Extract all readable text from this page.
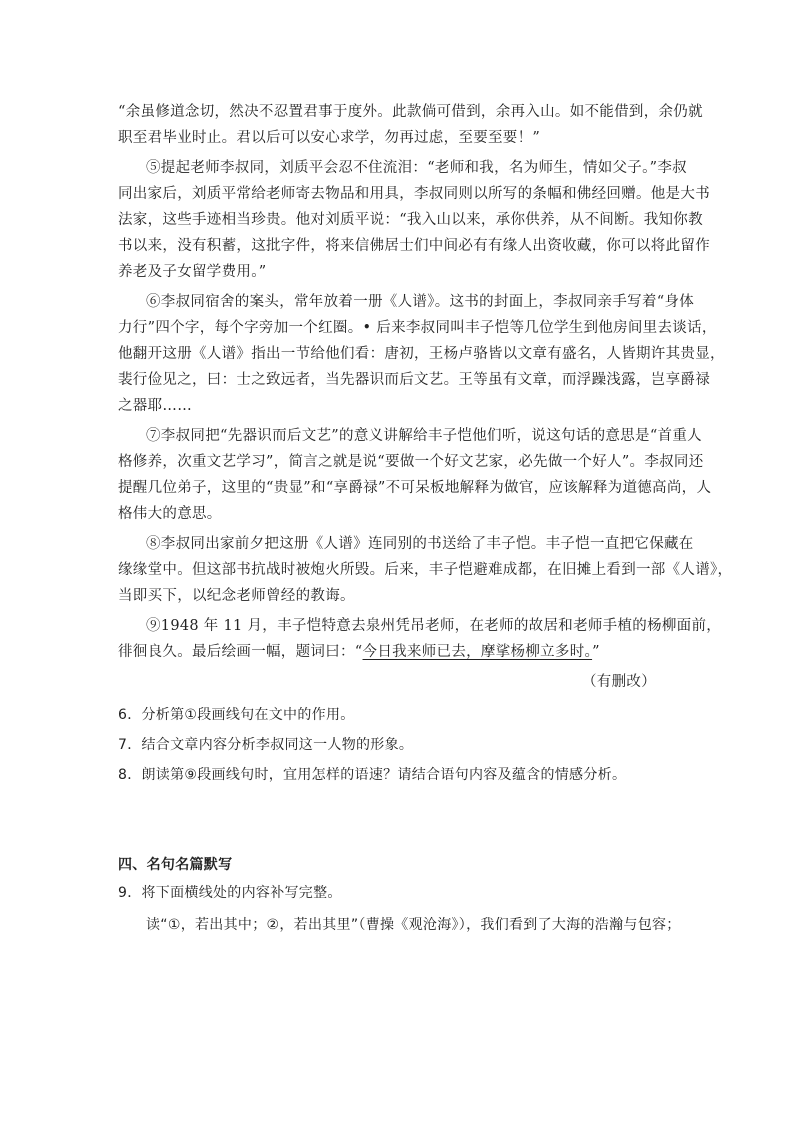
“余虽修道念切，然决不忍置君事于度外。此款倘可借到，余再入山。如不能借到，余仍就
职至君毕业时止。君以后可以安心求学，勿再过虑，至要至要！”
⑤提起老师李叔同，刘质平会忍不住流泪：“老师和我，名为师生，情如父子。”李叔
同出家后，刘质平常给老师寄去物品和用具，李叔同则以所写的条幅和佛经回赠。他是大书
法家，这些手迹相当珍贵。他对刘质平说：“我入山以来，承你供养，从不间断。我知你教
书以来，没有积蓄，这批字件，将来信佛居士们中间必有有缘人出资收藏，你可以将此留作
养老及子女留学费用。”
⑥李叔同宿舍的案头，常年放着一册《人谱》。这书的封面上，李叔同亲手写着“身体
力行”四个字，每个字旁加一个红圈。• 后来李叔同叫丰子恺等几位学生到他房间里去谈话，
他翻开这册《人谱》指出一节给他们看：唐初，王杨卢骆皆以文章有盛名，人皆期许其贵显，
裴行俭见之，曰：士之致远者，当先器识而后文艺。王等虽有文章，而浮躁浅露，岂享爵禄
之器耶……
⑦李叔同把“先器识而后文艺”的意义讲解给丰子恺他们听，说这句话的意思是“首重人
格修养，次重文艺学习”，简言之就是说“要做一个好文艺家，必先做一个好人”。李叔同还
提醒几位弟子，这里的“贵显”和“享爵禄”不可呆板地解释为做官，应该解释为道德高尚，人
格伟大的意思。
⑧李叔同出家前夕把这册《人谱》连同别的书送给了丰子恺。丰子恺一直把它保藏在
缘缘堂中。但这部书抗战时被炮火所毁。后来，丰子恺避难成都，在旧摊上看到一部《人谱》，
当即买下，以纪念老师曾经的教诲。
⑨1948 年 11 月，丰子恺特意去泉州凭吊老师，在老师的故居和老师手植的杨柳面前，
徘徊良久。最后绘画一幅，题词曰：“今日我来师已去，摩挲杨柳立多时。”
（有删改）
6．分析第①段画线句在文中的作用。
7．结合文章内容分析李叔同这一人物的形象。
8．朗读第⑨段画线句时，宜用怎样的语速？请结合语句内容及蕴含的情感分析。
四、名句名篇默写
9．将下面横线处的内容补写完整。
读“①，若出其中；②，若出其里”（曹操《观沧海》），我们看到了大海的浩瀚与包容；
